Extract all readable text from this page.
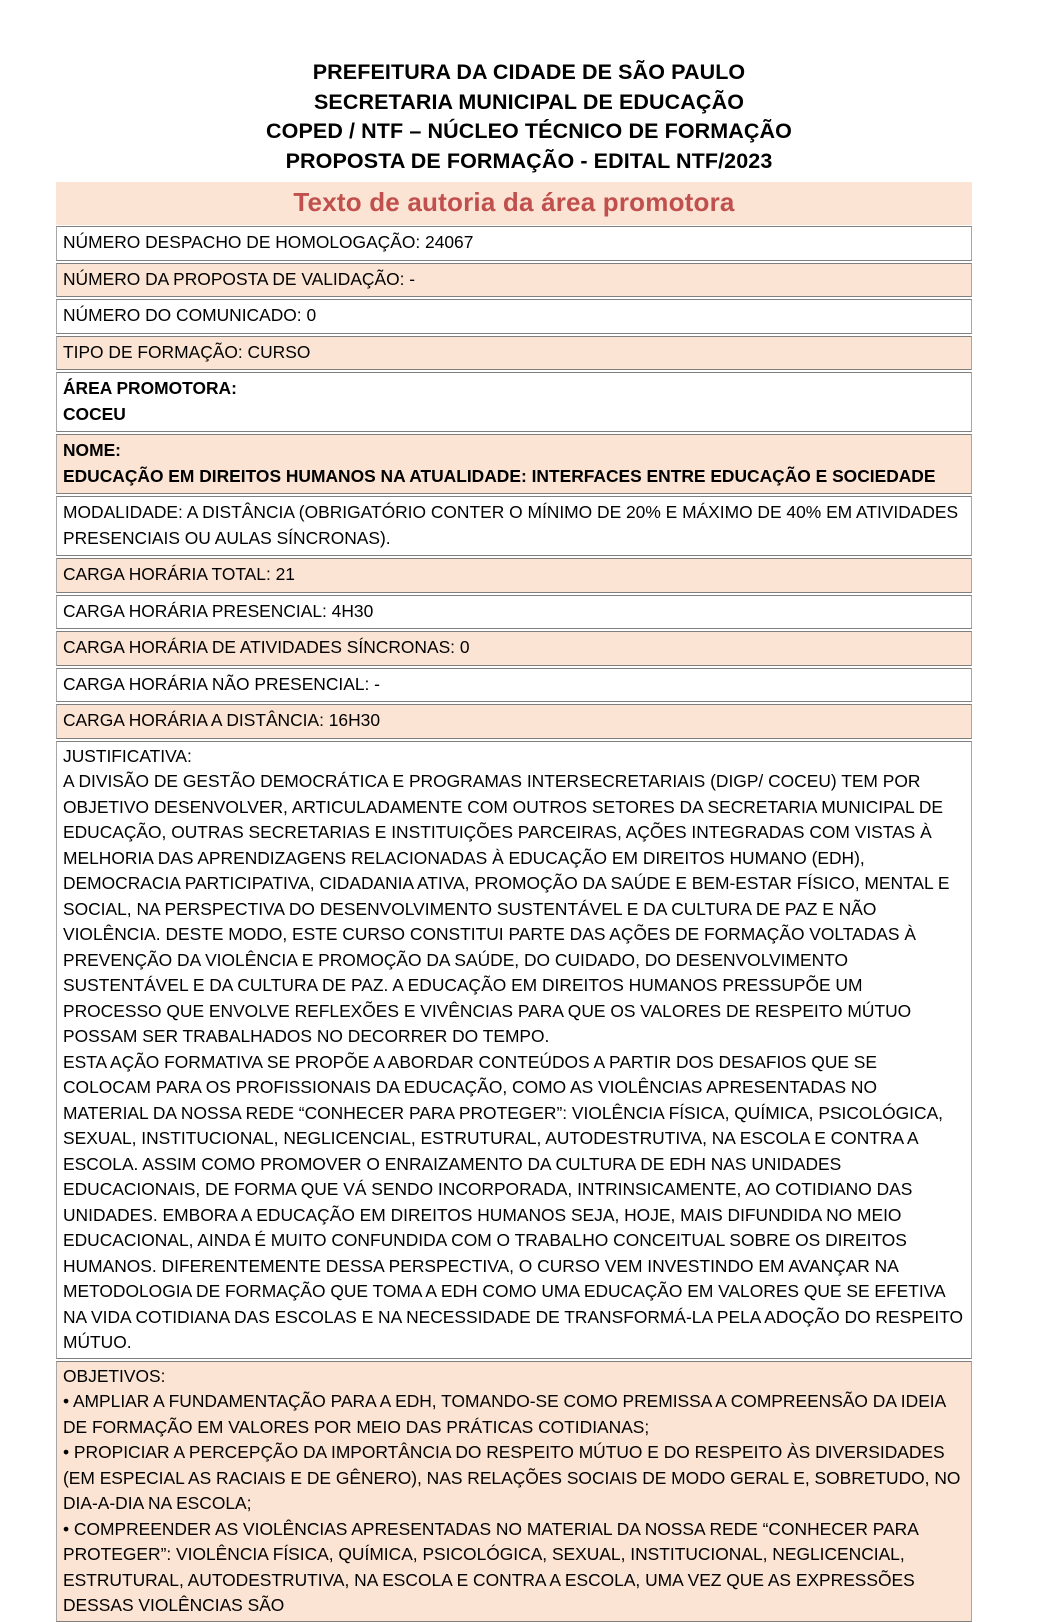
PREFEITURA DA CIDADE DE SÃO PAULO
SECRETARIA MUNICIPAL DE EDUCAÇÃO
COPED / NTF – NÚCLEO TÉCNICO DE FORMAÇÃO
PROPOSTA DE FORMAÇÃO - EDITAL NTF/2023
Texto de autoria da área promotora
NÚMERO DESPACHO DE HOMOLOGAÇÃO: 24067
NÚMERO DA PROPOSTA DE VALIDAÇÃO: -
NÚMERO DO COMUNICADO: 0
TIPO DE FORMAÇÃO: CURSO
ÁREA PROMOTORA:
COCEU
NOME:
EDUCAÇÃO EM DIREITOS HUMANOS NA ATUALIDADE: INTERFACES ENTRE EDUCAÇÃO E SOCIEDADE
MODALIDADE: A DISTÂNCIA (OBRIGATÓRIO CONTER O MÍNIMO DE 20% E MÁXIMO DE 40% EM ATIVIDADES
PRESENCIAIS OU AULAS SÍNCRONAS).
CARGA HORÁRIA TOTAL: 21
CARGA HORÁRIA PRESENCIAL: 4H30
CARGA HORÁRIA DE ATIVIDADES SÍNCRONAS: 0
CARGA HORÁRIA NÃO PRESENCIAL: -
CARGA HORÁRIA A DISTÂNCIA: 16H30
JUSTIFICATIVA:
A DIVISÃO DE GESTÃO DEMOCRÁTICA E PROGRAMAS INTERSECRETARIAIS (DIGP/ COCEU) TEM POR OBJETIVO DESENVOLVER, ARTICULADAMENTE COM OUTROS SETORES DA SECRETARIA MUNICIPAL DE EDUCAÇÃO, OUTRAS SECRETARIAS E INSTITUIÇÕES PARCEIRAS, AÇÕES INTEGRADAS COM VISTAS À MELHORIA DAS APRENDIZAGENS RELACIONADAS À EDUCAÇÃO EM DIREITOS HUMANO (EDH), DEMOCRACIA PARTICIPATIVA, CIDADANIA ATIVA, PROMOÇÃO DA SAÚDE E BEM-ESTAR FÍSICO, MENTAL E SOCIAL, NA PERSPECTIVA DO DESENVOLVIMENTO SUSTENTÁVEL E DA CULTURA DE PAZ E NÃO VIOLÊNCIA. DESTE MODO, ESTE CURSO CONSTITUI PARTE DAS AÇÕES DE FORMAÇÃO VOLTADAS À PREVENÇÃO DA VIOLÊNCIA E PROMOÇÃO DA SAÚDE, DO CUIDADO, DO DESENVOLVIMENTO SUSTENTÁVEL E DA CULTURA DE PAZ. A EDUCAÇÃO EM DIREITOS HUMANOS PRESSUPÕE UM PROCESSO QUE ENVOLVE REFLEXÕES E VIVÊNCIAS PARA QUE OS VALORES DE RESPEITO MÚTUO POSSAM SER TRABALHADOS NO DECORRER DO TEMPO.
ESTA AÇÃO FORMATIVA SE PROPÕE A ABORDAR CONTEÚDOS A PARTIR DOS DESAFIOS QUE SE COLOCAM PARA OS PROFISSIONAIS DA EDUCAÇÃO, COMO AS VIOLÊNCIAS APRESENTADAS NO MATERIAL DA NOSSA REDE “CONHECER PARA PROTEGER”: VIOLÊNCIA FÍSICA, QUÍMICA, PSICOLÓGICA, SEXUAL, INSTITUCIONAL, NEGLICENCIAL, ESTRUTURAL, AUTODESTRUTIVA, NA ESCOLA E CONTRA A ESCOLA. ASSIM COMO PROMOVER O ENRAIZAMENTO DA CULTURA DE EDH NAS UNIDADES EDUCACIONAIS, DE FORMA QUE VÁ SENDO INCORPORADA, INTRINSICAMENTE, AO COTIDIANO DAS UNIDADES. EMBORA A EDUCAÇÃO EM DIREITOS HUMANOS SEJA, HOJE, MAIS DIFUNDIDA NO MEIO EDUCACIONAL, AINDA É MUITO CONFUNDIDA COM O TRABALHO CONCEITUAL SOBRE OS DIREITOS HUMANOS. DIFERENTEMENTE DESSA PERSPECTIVA, O CURSO VEM INVESTINDO EM AVANÇAR NA METODOLOGIA DE FORMAÇÃO QUE TOMA A EDH COMO UMA EDUCAÇÃO EM VALORES QUE SE EFETIVA NA VIDA COTIDIANA DAS ESCOLAS E NA NECESSIDADE DE TRANSFORMÁ-LA PELA ADOÇÃO DO RESPEITO MÚTUO.
OBJETIVOS:
• AMPLIAR A FUNDAMENTAÇÃO PARA A EDH, TOMANDO-SE COMO PREMISSA A COMPREENSÃO DA IDEIA DE FORMAÇÃO EM VALORES POR MEIO DAS PRÁTICAS COTIDIANAS;
• PROPICIAR A PERCEPÇÃO DA IMPORTÂNCIA DO RESPEITO MÚTUO E DO RESPEITO ÀS DIVERSIDADES (EM ESPECIAL AS RACIAIS E DE GÊNERO), NAS RELAÇÕES SOCIAIS DE MODO GERAL E, SOBRETUDO, NO DIA-A-DIA NA ESCOLA;
• COMPREENDER AS VIOLÊNCIAS APRESENTADAS NO MATERIAL DA NOSSA REDE “CONHECER PARA PROTEGER”: VIOLÊNCIA FÍSICA, QUÍMICA, PSICOLÓGICA, SEXUAL, INSTITUCIONAL, NEGLICENCIAL, ESTRUTURAL, AUTODESTRUTIVA, NA ESCOLA E CONTRA A ESCOLA, UMA VEZ QUE AS EXPRESSÕES DESSAS VIOLÊNCIAS SÃO
